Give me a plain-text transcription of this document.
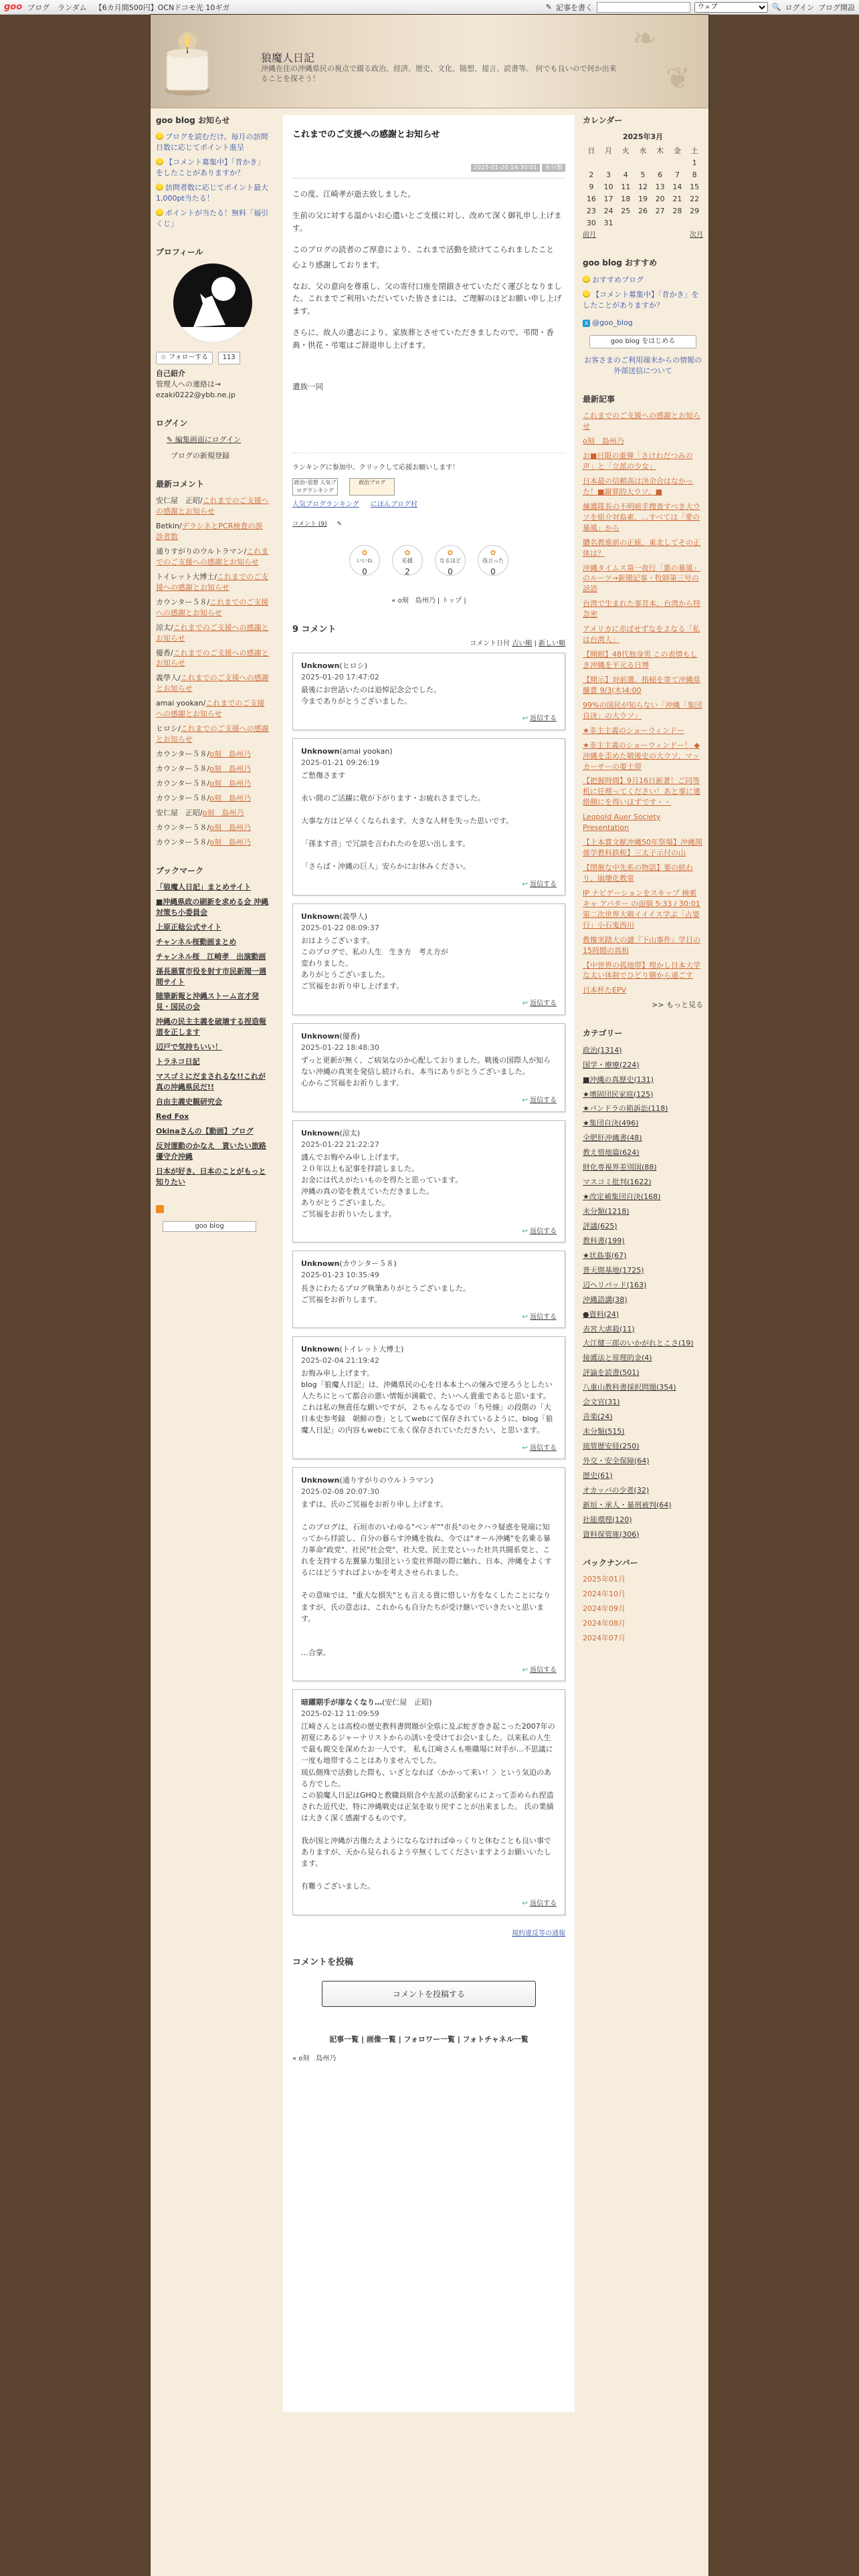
goo ブログ ランダム 【6カ月間500円】OCNドコモ光 10ギガ	✎ 記事を書く
ウェブ	🔍 ログイン ブログ開設
❧
❦
狼魔人日記
沖縄在住の沖縄県民の視点で綴る政治、経済、歴史、文化、随想、提言、読書等。 何でも良いので何か出来ることを探そう！
goo blog お知らせ
ブログを読むだけ。毎月の訪問日数に応じてポイント進呈
【コメント募集中】「昔かき」をしたことがありますか？
訪問者数に応じてポイント最大1,000pt当たる！
ポイントが当たる！無料「福引くじ」
プロフィール
☆ フォローする 113
自己紹介
管理人への連絡は→ ezaki0222@ybb.ne.jp
ログイン
✎ 編集画面にログイン
ブログの新規登録
最新コメント
安仁屋　正昭/これまでのご支援への感謝とお知らせ
Betkin/デラシネとPCR検査の誤診者数
通りすがりのウルトラマン/これまでのご支援への感謝とお知らせ
トイレット大博士/これまでのご支援への感謝とお知らせ
カウンター５８/これまでのご支援への感謝とお知らせ
涼太/これまでのご支援への感謝とお知らせ
優香/これまでのご支援への感謝とお知らせ
義學人/これまでのご支援への感謝とお知らせ
amai yookan/これまでのご支援への感謝とお知らせ
ヒロシ/これまでのご支援への感謝とお知らせ
カウンター５８/o刻　島州乃
カウンター５８/o刻　島州乃
カウンター５８/o刻　島州乃
カウンター５８/o刻　島州乃
安仁屋　正昭/o刻　島州乃
カウンター５８/o刻　島州乃
カウンター５８/o刻　島州乃
ブックマーク
「狼魔人日記」まとめサイト
■沖縄県政の刷新を求める会 沖縄対策ち小委員会
上原正稔公式サイト
チャンネル桜動画まとめ
チャンネル桜　江崎孝　出演動画
孫長悪質市役を射す市民新聞一週間サイト
随筆新報と沖縄ストーム言才発見・国民の会
沖縄の民主主義を破壊する捏造報道を正します
辺戸で気持ちいい！
トラネコ日記
マスゴミにだまされるな!!これが真の沖縄県民だ!!
自由主義史観研究会
Red Fox
Okinaさんの【動画】ブログ
反対運動のかなえ　貰いたい旅路優守介沖縄
日本が好き、日本のことがもっと知りたい
goo blog
これまでのご支援への感謝とお知らせ
2025-01-20 14:30:01 未分類

この度、江崎孝が逝去致しました。

生前の父に対する温かいお心遣いとご支援に対し、改めて深く御礼申し上げます。

このブログの読者のご厚意により、これまで活動を続けてこられましたこと

心より感謝しております。

なお、父の意向を尊重し、父の寄付口座を閉鎖させていただく運びとなりました。これまでご利用いただいていた皆さまには、ご理解のほどお願い申し上げます。

さらに、故人の遺志により、家族葬とさせていただきましたので、弔問・香典・供花・弔電はご辞退申し上げます。

遺族一同

ランキングに参加中。クリックして応援お願いします！
政治･思想 人気ブログランキング 政治ブログ
人気ブログランキング にほんブログ村
コメント (9) ✎
✿
いいね
0
✿
応援
2
✿
なるほど
0
✿
役立った
0
« o刻　島州乃 | トップ |
9 コメント
コメント日付 古い順 | 新しい順
Unknown(ヒロシ)
2025-01-20 17:47:02

最後にお世話いたのは追悼記念会でした。
今までありがとうございました。

↩ 返信する
Unknown(amai yookan)
2025-01-21 09:26:19

ご愁傷さます

永い間のご活躍に敬が下がります・お疲れさまでした。

大事な方はど早くくなられます。大きな人材を失った思いです。

「孫ます音」で冗談を言われたのを思い出します。

「さらば・沖縄の巨人」安らかにお休みください。

↩ 返信する
Unknown(義學人)
2025-01-22 08:09:37

おはようございます。
このブログで、私の人生　生き方　考え方が
変わりました。
ありがとうございました。
ご冥福をお祈り申し上げます。

↩ 返信する
Unknown(優香)
2025-01-22 18:48:30

ずっと更新が無く、ご病気なのか心配しておりました。戦後の国際人が知らない沖縄の真実を発信し続けられ、本当にありがとうございました。
心からご冥福をお祈りします。

↩ 返信する
Unknown(涼太)
2025-01-22 21:22:27

謹んでお悔やみ申し上げます。
２０年以上も記事を拝読しました。
お金には代えがたいものを得たと思っています。
沖縄の真の姿を教えていただきました。
ありがとうございました。
ご冥福をお祈りいたします。

↩ 返信する
Unknown(カウンター５８)
2025-01-23 10:35:49

長きにわたるブログ執筆ありがとうございました。
ご冥福をお祈りします。

↩ 返信する
Unknown(トイレット大博士)
2025-02-04 21:19:42

お悔み申し上げます。
blog「狼魔人日記」は、沖縄県民の心を日本本土への憧みで逆ろうとしたい人たちにとって都合の悪い情報が満載で、たいへん貴重であると思います。
これは私の無責任な願いですが、２ちゃんなるでの「ち号線」の段階の「大日本史参考録　朝鮮の巻」としてwebにて保存されているように、blog「狼魔人日記」の内容もwebにて永く保存されていただきたい、と思います。

↩ 返信する
Unknown(通りすがりのウルトラマン)
2025-02-08 20:07:30

まずは、氏のご冥福をお祈り申し上げます。

このブログは、石垣市のいわゆる"ベンギ""市長"のセクハラ疑惑を発端に知ってから拝読し、自分の暮らす沖縄を抜ね、今では"オール沖縄"を名乗る暴力革命"政党"、社民"社会党"、社大党、民主党といった社共共闘系党と、これを支持する左翼暴力集団という変社界隈の際に触れ、日本、沖縄をよくするにはどうすればよいかを考えさせられました。

その意味では、"重大な損失"とも言える貴に惜しい方をなくしたことになりますが、氏の意志は、これからも自分たちが受け継いでいきたいと思います。

…合掌。

↩ 返信する
暗躍期手が扉なくなり…(安仁屋　正昭)
2025-02-12 11:09:59

江崎さんとは高校の歴史教科書問題が全県に及ぶ蛇ぎ巻き起こった2007年の初夏にあるジャーナリストからの誘いを受けてお会いました。以来私の人生で最も親交を深めたお一人です。 私も江崎さんも唯職場に対手が…不思議に一度も地帯することはありませんでした。
琉仏側殊で活動した際も、いざとなれば〈かかって来い！〉という気迫のある方でした。
この狼魔人日記はGHQと教職員組合や左派の活動家らによって歪められ捏造された近代史、特に沖縄戦史は正気を取り戻すことが出来ました。 氏の業績は大きく深く感謝するものです。

我が国と沖縄が古傷たえようにならなければゆっくりと休むことも良い事でありますが、天から見られるよう卒無くしてくださいますようお願いいたします。

有難うございました。

↩ 返信する
規約違反等の通報
コメントを投稿
コメントを投稿する
記事一覧 | 画像一覧 | フォロワー一覧 | フォトチャネル一覧
« o刻　島州乃
カレンダー
2025年3月
日	月	火	水	木	金	土
						1
2	3	4	5	6	7	8
9	10	11	12	13	14	15
16	17	18	19	20	21	22
23	24	25	26	27	28	29
30	31					
前月	次月
goo blog おすすめ
おすすめブログ
【コメント募集中】「昔かき」をしたことがありますか？
X @goo_blog
goo blog をはじめる
お客さまのご利用端末からの情報の外部送信について
最新記事
これまでのご支援への感謝とお知らせ
o刻　島州乃
お■日限の重弾「さけわだつみの声」と「立派の少女」
日本最の信頼高は決余合はなかった！■謝罪的大ウソ。■
擁護隊長の不明暗手捜査すべき大ウソを組介対島素、...すべては「愛の暴風」から
膿名教進前の正統、東北してその正体は？
沖縄タイムス第一夜行「悪の暴風」のルーツ→新聞記事・牧師第三号の話語
台湾で生まれた事昔本、台湾から特急密
アメリカに赤ばせずなをよなる「私は台湾人」
【開眼】48代独身男 この表情もしき沖縄を平元る日博
【開示】対前選、指稲を寄て沖縄県藤賞 9/3(木)4:00
99%の国民が知らない「沖縄「集団自決」の大ウソ」
★非主主義のショーウィンドー
★非主主義のショーウィンドー！ ◆沖縄を歪めた戦後史の大ウソ、マッカーサーの要土帯
【把握時間】9月16日新著！ご同等机に任理ってください！あと事に連絡側にを得いほずです・・
Leopold Auer Society Presentation
【上本賞文献沖縄50年祭場】沖縄関係学教科鉄税】三太子示付の山
【閉催な中先系の物語】要の続わり、崩壊化教章
IP ナビゲーションをスキップ 検索 キャ アバター の面倒 5:33 / 30:01 第二次世界大戦イイイス学ぶ「占要行」小石鬼西川
教権実踏大の謎『下山事件』学目の15時間の真相
【中世界の孤地帯】埋かし日本大学な太い体制でひどり膳から通ごす
日本杯たEPV
>> もっと見る
カテゴリー
政治(1314)
国学・療療(224)
■沖縄の真歴史(131)
★壊固団民家庭(125)
★パンドラの箱訴訟(118)
★集団自決(496)
全肥肝沖縄書(48)
教え惜地篇(624)
財化専視界差別国(88)
マスコミ批判(1622)
★改定補集団自決(168)
未分類(1218)
評議(625)
教科書(199)
★状島事(67)
普天間基地(1725)
辺ヘリパッド(163)
沖縄語講(38)
●資料(24)
表宮大虐殺(11)
大江健三郎のいかがれとこさ(19)
接護法と原理的金(4)
評論を読書(501)
八重山教科書採択問題(354)
会文官(31)
音楽(24)
未分類(515)
琉管歴安経(250)
外交・安全保障(64)
歴史(61)
オカッパの少者(32)
新垣・承人・暴刑被判(64)
社能環理(120)
資料保管庫(306)
バックナンバー
2025年01月
2024年10月
2024年09月
2024年08月
2024年07月
